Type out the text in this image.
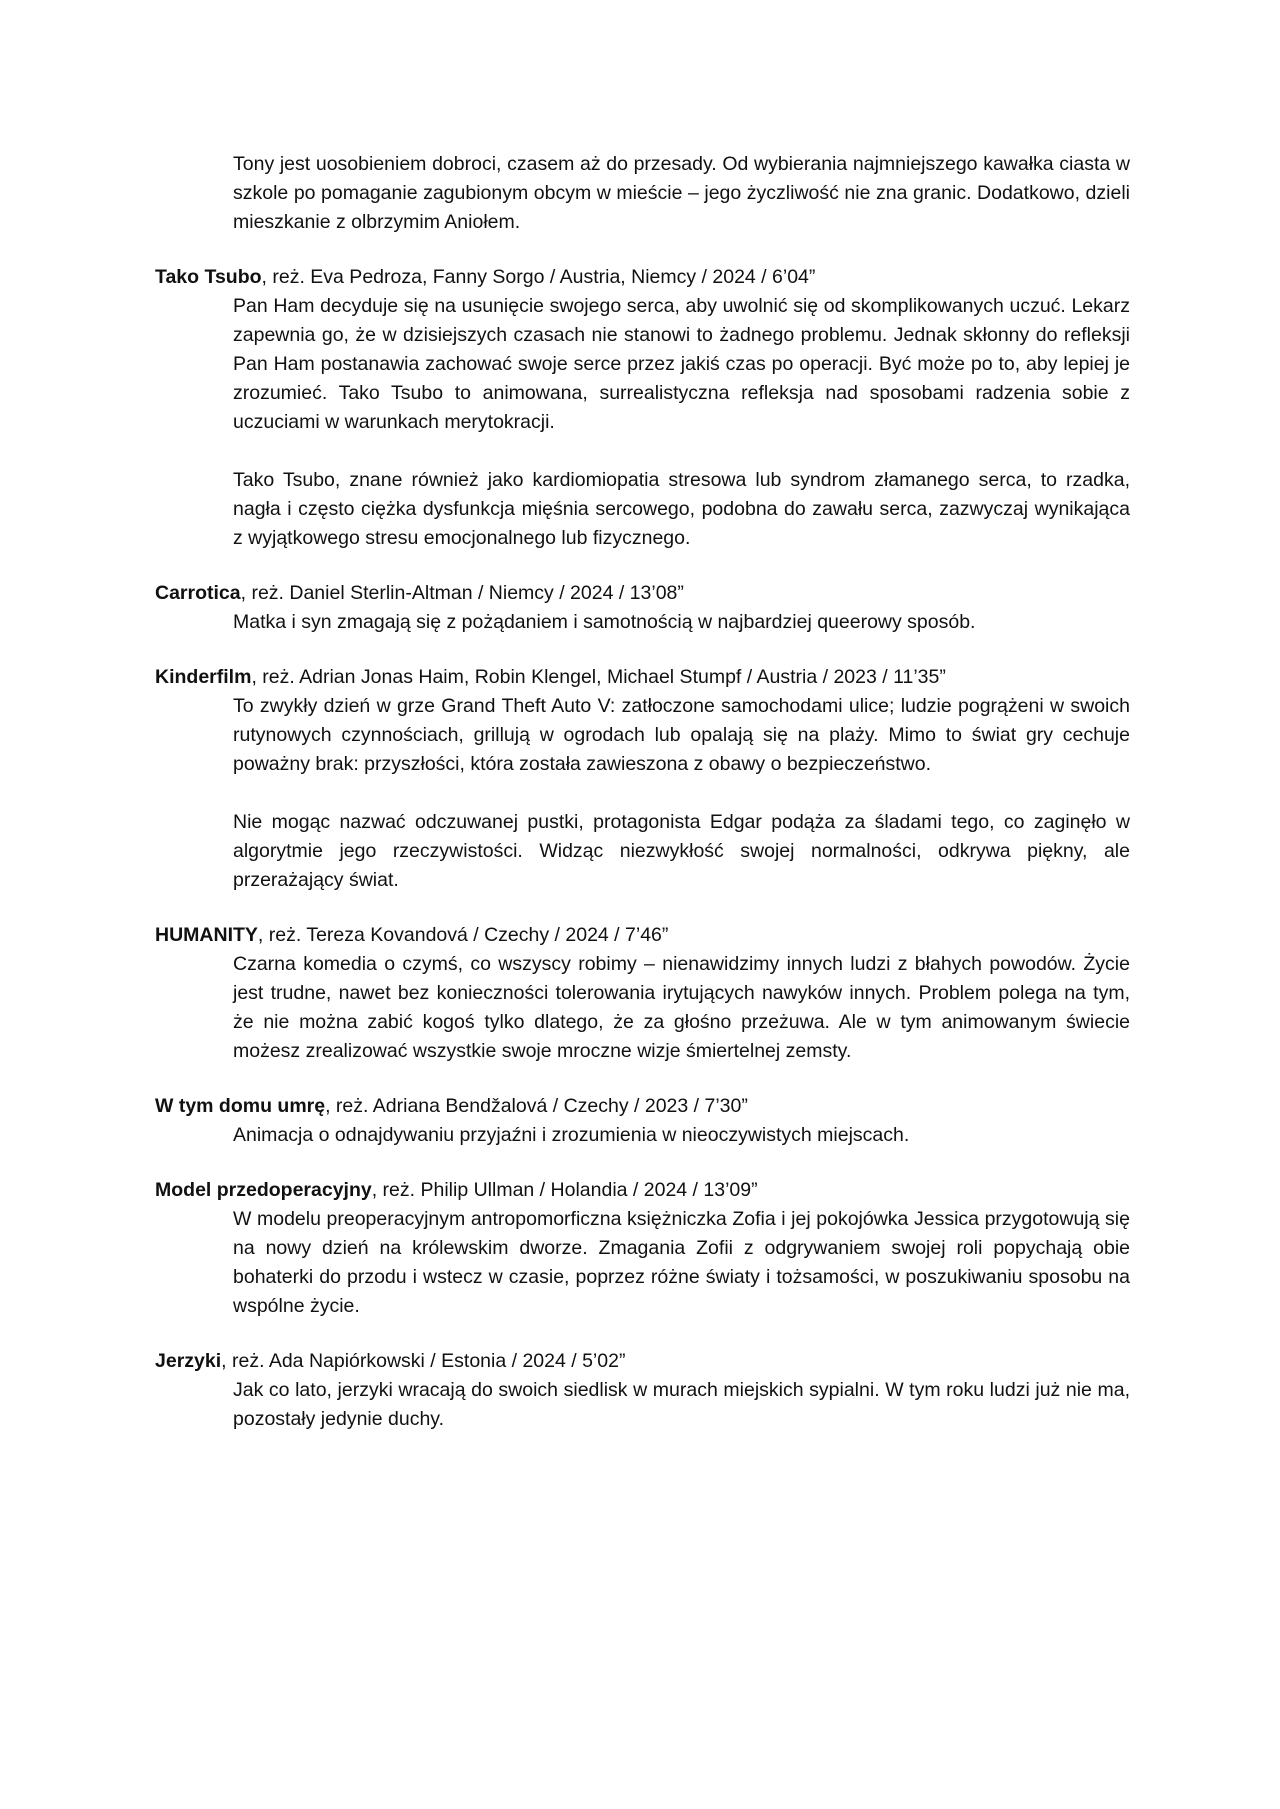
Tony jest uosobieniem dobroci, czasem aż do przesady. Od wybierania najmniejszego kawałka ciasta w szkole po pomaganie zagubionym obcym w mieście – jego życzliwość nie zna granic. Dodatkowo, dzieli mieszkanie z olbrzymim Aniołem.

Tako Tsubo, reż. Eva Pedroza, Fanny Sorgo / Austria, Niemcy / 2024 / 6’04”

Pan Ham decyduje się na usunięcie swojego serca, aby uwolnić się od skomplikowanych uczuć. Lekarz zapewnia go, że w dzisiejszych czasach nie stanowi to żadnego problemu. Jednak skłonny do refleksji Pan Ham postanawia zachować swoje serce przez jakiś czas po operacji. Być może po to, aby lepiej je zrozumieć. Tako Tsubo to animowana, surrealistyczna refleksja nad sposobami radzenia sobie z uczuciami w warunkach merytokracji.

Tako Tsubo, znane również jako kardiomiopatia stresowa lub syndrom złamanego serca, to rzadka, nagła i często ciężka dysfunkcja mięśnia sercowego, podobna do zawału serca, zazwyczaj wynikająca z wyjątkowego stresu emocjonalnego lub fizycznego.

Carrotica, reż. Daniel Sterlin-Altman / Niemcy / 2024 / 13’08”

Matka i syn zmagają się z pożądaniem i samotnością w najbardziej queerowy sposób.

Kinderfilm, reż. Adrian Jonas Haim, Robin Klengel, Michael Stumpf / Austria / 2023 / 11’35”

To zwykły dzień w grze Grand Theft Auto V: zatłoczone samochodami ulice; ludzie pogrążeni w swoich rutynowych czynnościach, grillują w ogrodach lub opalają się na plaży. Mimo to świat gry cechuje poważny brak: przyszłości, która została zawieszona z obawy o bezpieczeństwo.

Nie mogąc nazwać odczuwanej pustki, protagonista Edgar podąża za śladami tego, co zaginęło w algorytmie jego rzeczywistości. Widząc niezwykłość swojej normalności, odkrywa piękny, ale przerażający świat.

HUMANITY, reż. Tereza Kovandová / Czechy / 2024 / 7’46”

Czarna komedia o czymś, co wszyscy robimy – nienawidzimy innych ludzi z błahych powodów. Życie jest trudne, nawet bez konieczności tolerowania irytujących nawyków innych. Problem polega na tym, że nie można zabić kogoś tylko dlatego, że za głośno przeżuwa. Ale w tym animowanym świecie możesz zrealizować wszystkie swoje mroczne wizje śmiertelnej zemsty.

W tym domu umrę, reż. Adriana Bendžalová / Czechy / 2023 / 7’30”

Animacja o odnajdywaniu przyjaźni i zrozumienia w nieoczywistych miejscach.

Model przedoperacyjny, reż. Philip Ullman / Holandia / 2024 / 13’09”

W modelu preoperacyjnym antropomorficzna księżniczka Zofia i jej pokojówka Jessica przygotowują się na nowy dzień na królewskim dworze. Zmagania Zofii z odgrywaniem swojej roli popychają obie bohaterki do przodu i wstecz w czasie, poprzez różne światy i tożsamości, w poszukiwaniu sposobu na wspólne życie.

Jerzyki, reż. Ada Napiórkowski / Estonia / 2024 / 5’02”

Jak co lato, jerzyki wracają do swoich siedlisk w murach miejskich sypialni. W tym roku ludzi już nie ma, pozostały jedynie duchy.
